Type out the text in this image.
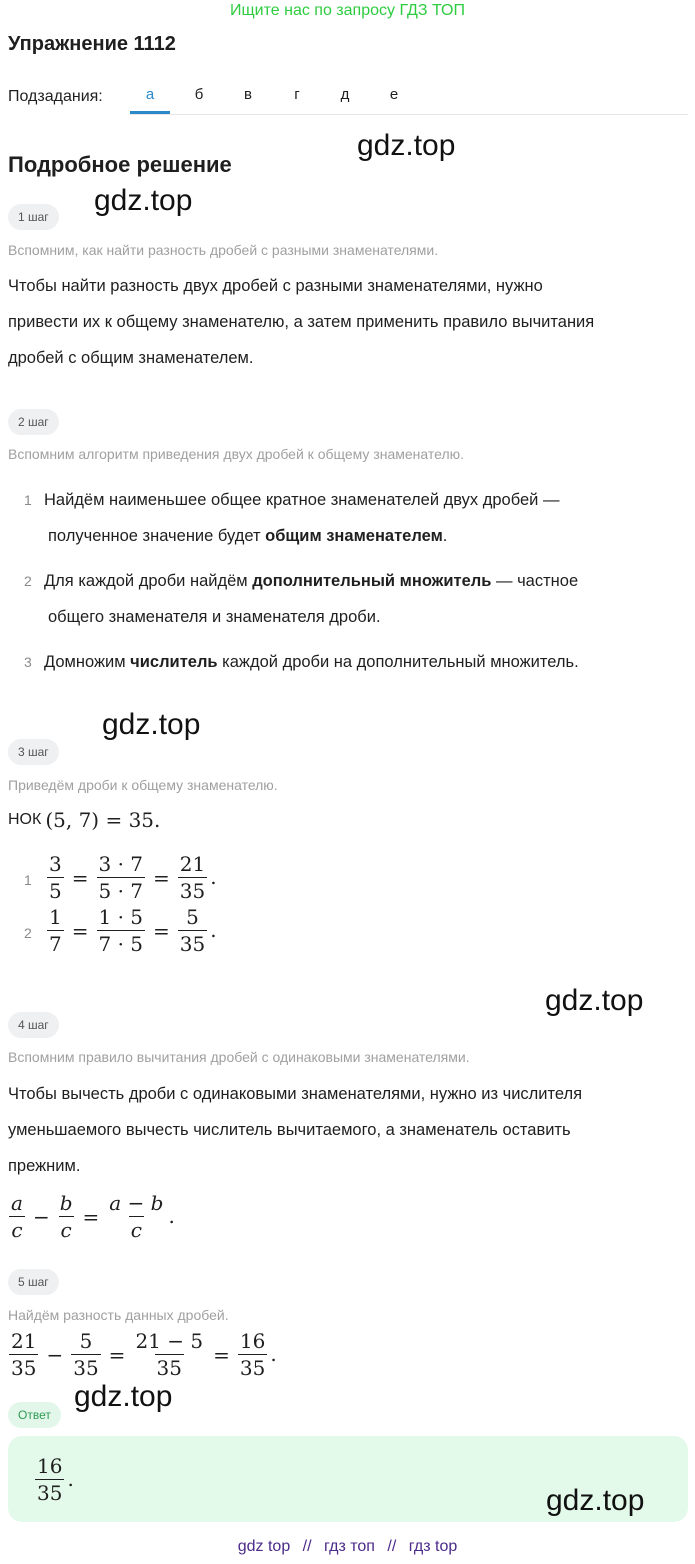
Ищите нас по запросу ГДЗ ТОП
Упражнение 1112
Подзадания:	а	б	в	г	д	е
Подробное решение
gdz.top
1 шаг	gdz.top
Вспомним, как найти разность дробей с разными знаменателями.
Чтобы найти разность двух дробей с разными знаменателями, нужно
привести их к общему знаменателю, а затем применить правило вычитания
дробей с общим знаменателем.
2 шаг
Вспомним алгоритм приведения двух дробей к общему знаменателю.
1 Найдём наименьшее общее кратное знаменателей двух дробей —
полученное значение будет общим знаменателем.
2 Для каждой дроби найдём дополнительный множитель — частное
общего знаменателя и знаменателя дроби.
3 Домножим числитель каждой дроби на дополнительный множитель.
gdz.top
3 шаг
Приведём дроби к общему знаменателю.
НОК (5, 7) = 35.
$1 \frac{3}{5} = \frac{3 \cdot 7}{5 \cdot 7} = \frac{21}{35}$ .
$2 \frac{1}{7} = \frac{1 \cdot 5}{7 \cdot 5} = \frac{5}{35}$ .
gdz.top
4 шаг
Вспомним правило вычитания дробей с одинаковыми знаменателями.
Чтобы вычесть дроби с одинаковыми знаменателями, нужно из числителя
уменьшаемого вычесть числитель вычитаемого, а знаменатель оставить
прежним.
$\frac{a}{c} - \frac{b}{c} = \frac{a - b}{c}$ .
5 шаг
Найдём разность данных дробей.
$\frac{21}{35} - \frac{5}{35} = \frac{21 - 5}{35} = \frac{16}{35}$ .
gdz.top
Ответ
$\frac{16}{35}$ .
gdz.top
gdz top // гдз топ // гдз top
